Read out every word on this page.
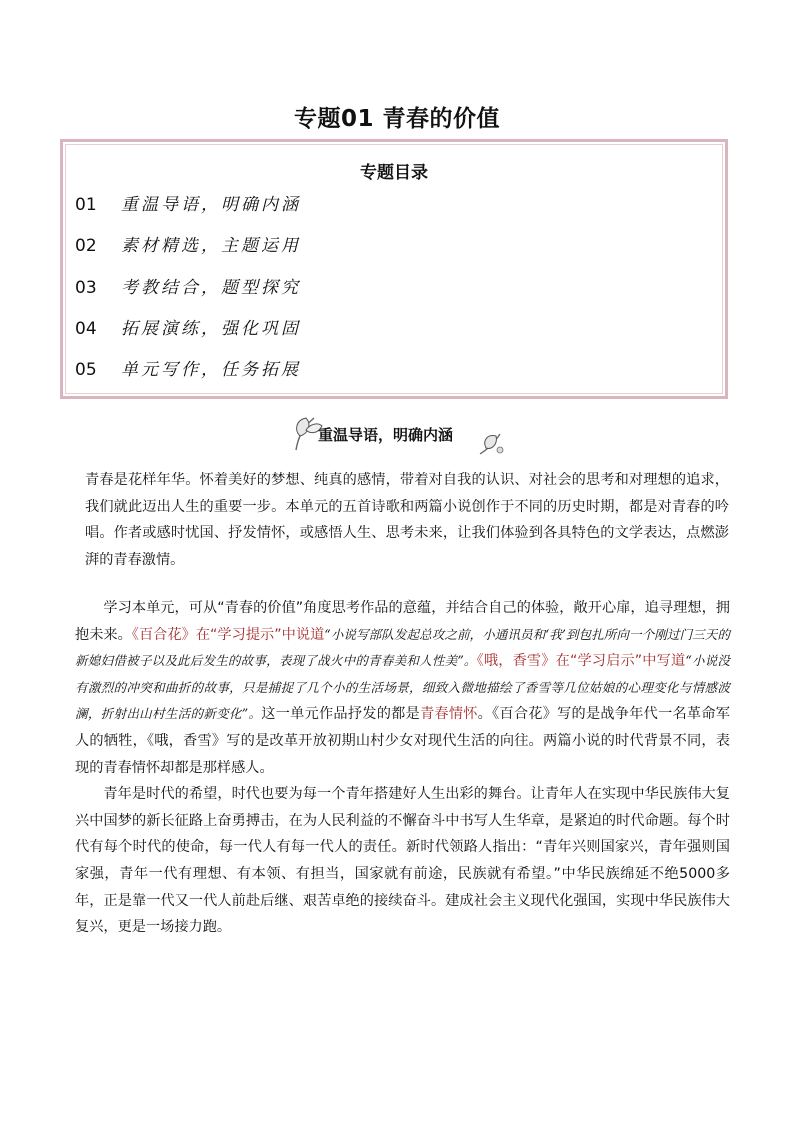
专题01 青春的价值
专题目录
01 重温导语，明确内涵
02 素材精选，主题运用
03 考教结合，题型探究
04 拓展演练，强化巩固
05 单元写作，任务拓展
重温导语，明确内涵

青春是花样年华。怀着美好的梦想、纯真的感情，带着对自我的认识、对社会的思考和对理想的追求，我们就此迈出人生的重要一步。本单元的五首诗歌和两篇小说创作于不同的历史时期，都是对青春的吟唱。作者或感时忧国、抒发情怀，或感悟人生、思考未来，让我们体验到各具特色的文学表达，点燃澎湃的青春激情。

学习本单元，可从“青春的价值”角度思考作品的意蕴，并结合自己的体验，敞开心扉，追寻理想，拥抱未来。《百合花》在“学习提示”中说道“小说写部队发起总攻之前，小通讯员和‘我’到包扎所向一个刚过门三天的新媳妇借被子以及此后发生的故事，表现了战火中的青春美和人性美”。《哦，香雪》在“学习启示”中写道“小说没有激烈的冲突和曲折的故事，只是捕捉了几个小的生活场景，细致入微地描绘了香雪等几位姑娘的心理变化与情感波澜，折射出山村生活的新变化”。这一单元作品抒发的都是青春情怀。《百合花》写的是战争年代一名革命军人的牺牲，《哦，香雪》写的是改革开放初期山村少女对现代生活的向往。两篇小说的时代背景不同，表现的青春情怀却都是那样感人。

青年是时代的希望，时代也要为每一个青年搭建好人生出彩的舞台。让青年人在实现中华民族伟大复兴中国梦的新长征路上奋勇搏击，在为人民利益的不懈奋斗中书写人生华章，是紧迫的时代命题。每个时代有每个时代的使命，每一代人有每一代人的责任。新时代领路人指出：“青年兴则国家兴，青年强则国家强，青年一代有理想、有本领、有担当，国家就有前途，民族就有希望。”中华民族绵延不绝5000多年，正是靠一代又一代人前赴后继、艰苦卓绝的接续奋斗。建成社会主义现代化强国，实现中华民族伟大复兴，更是一场接力跑。
